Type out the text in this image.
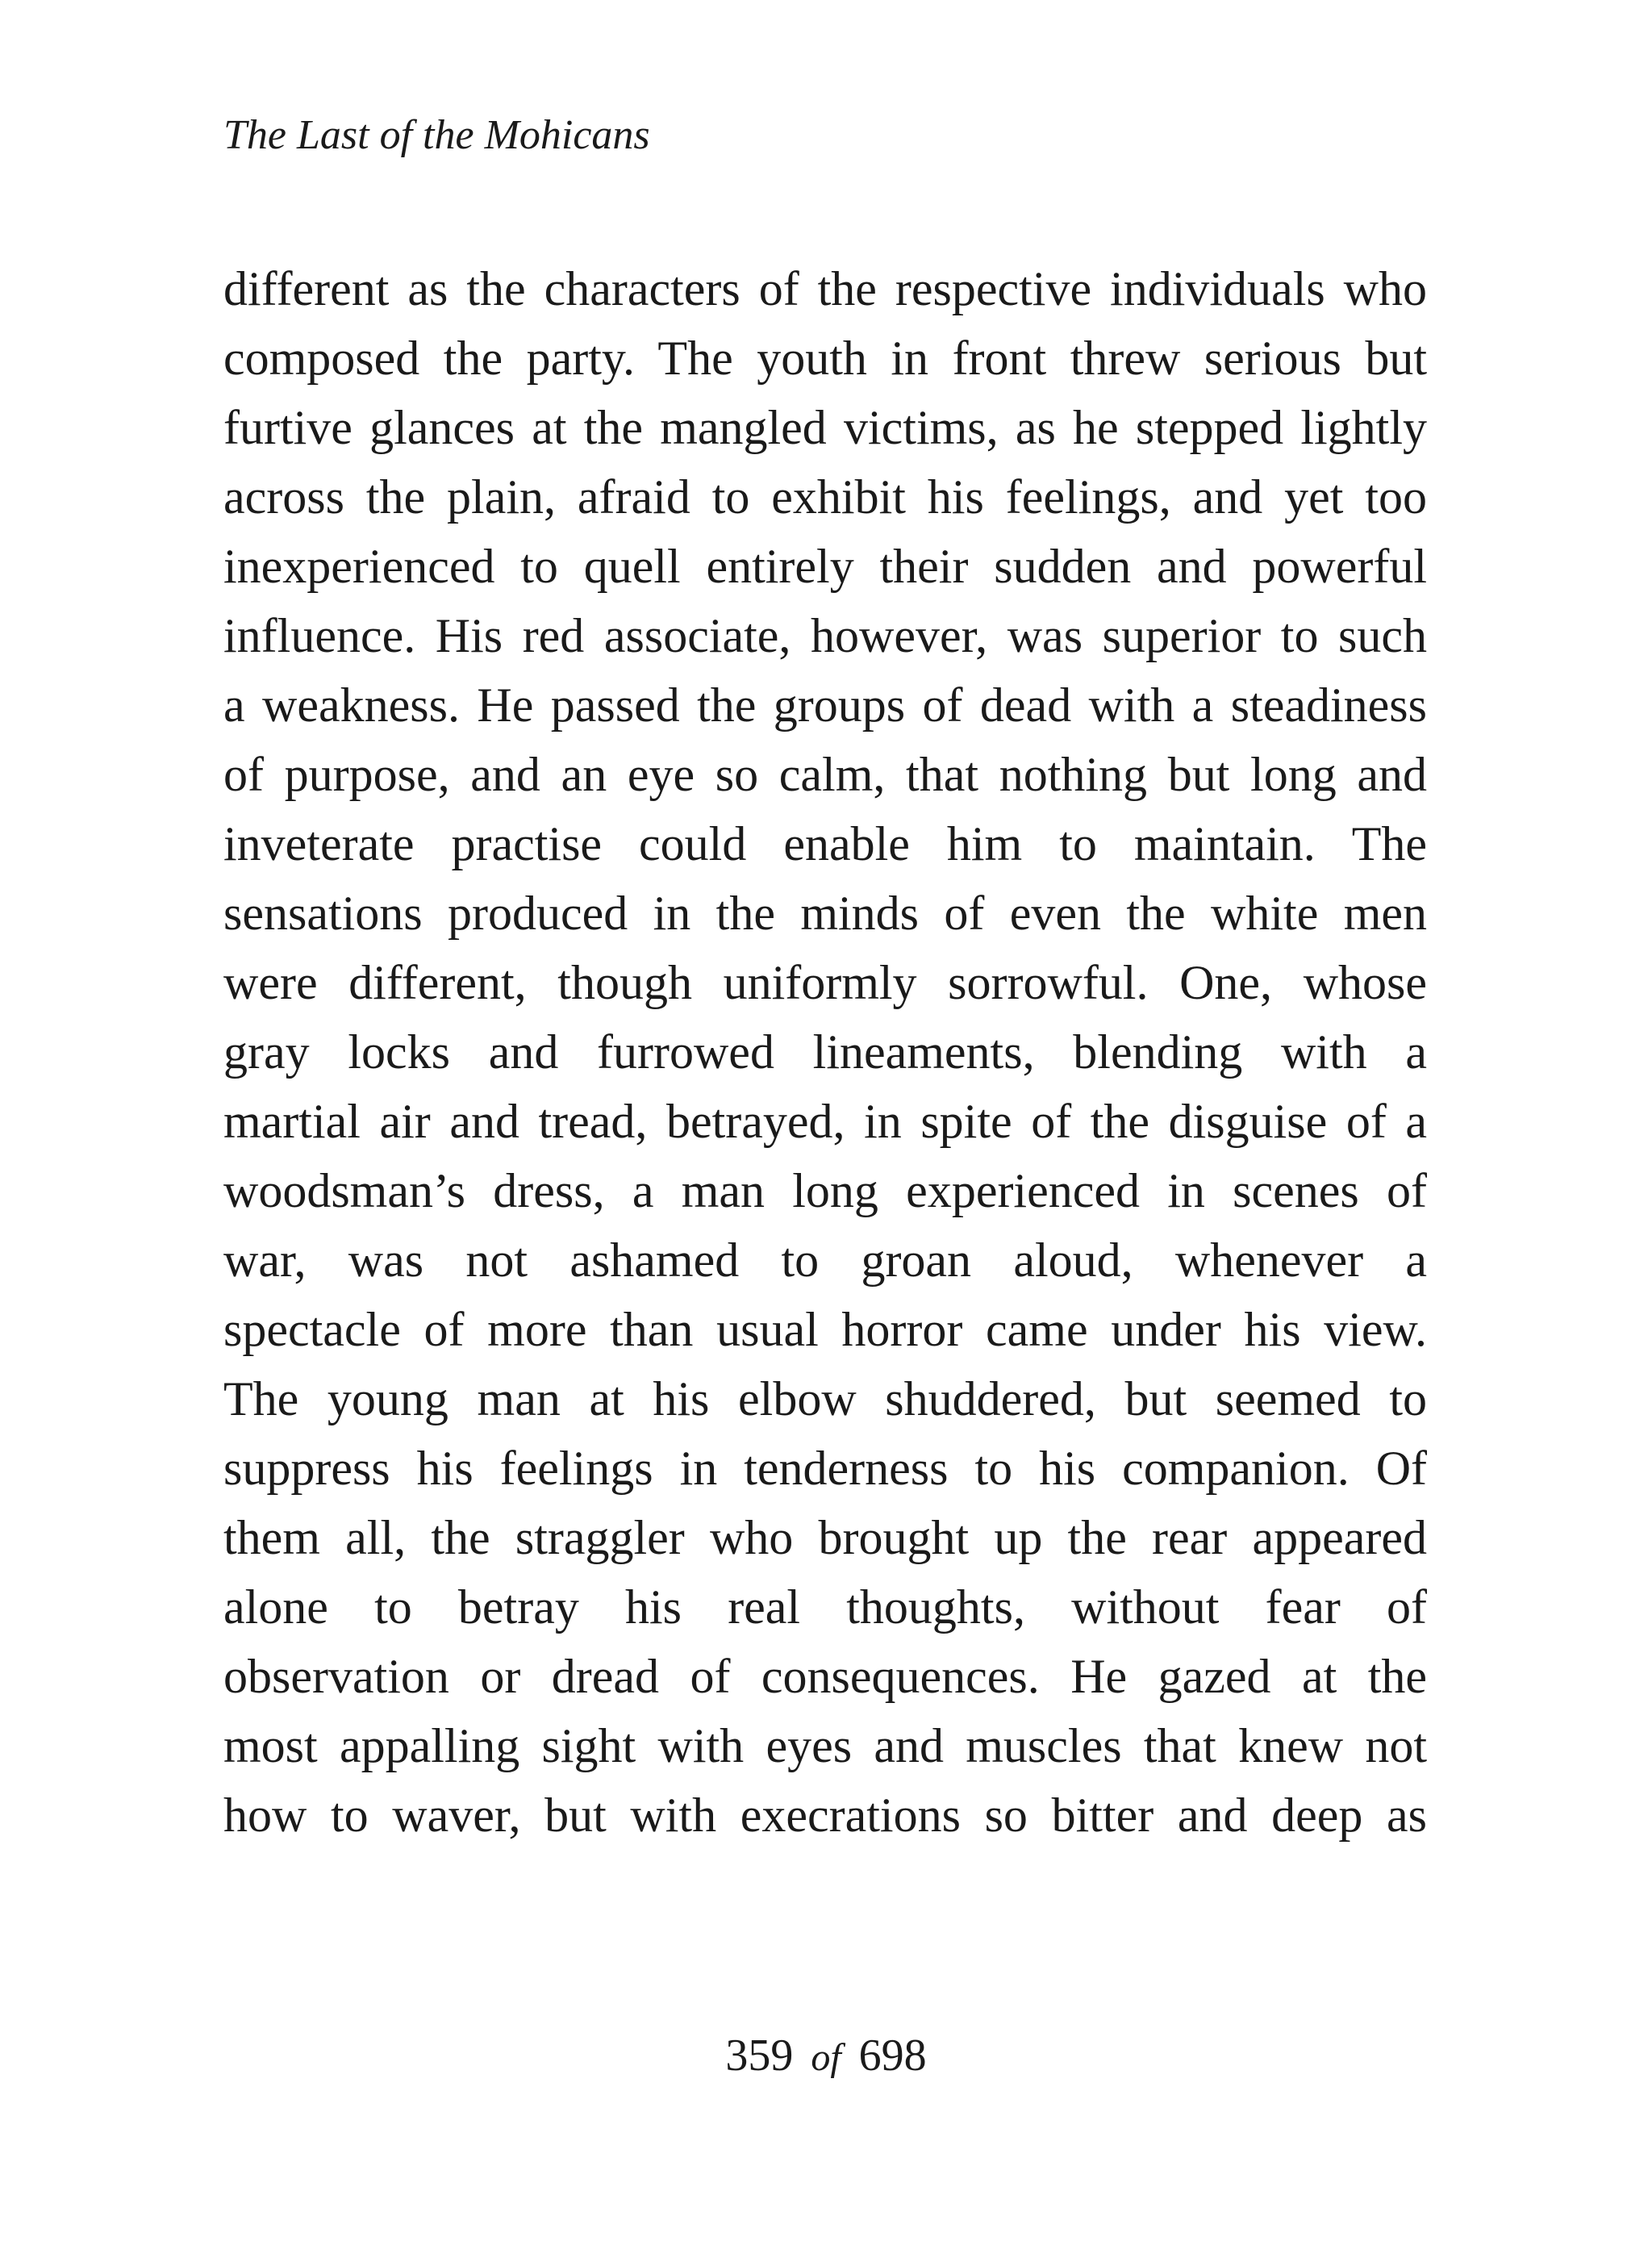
The Last of the Mohicans
different as the characters of the respective individuals who
composed the party. The youth in front threw serious but
furtive glances at the mangled victims, as he stepped lightly
across the plain, afraid to exhibit his feelings, and yet too
inexperienced to quell entirely their sudden and powerful
influence. His red associate, however, was superior to such
a weakness. He passed the groups of dead with a steadiness
of purpose, and an eye so calm, that nothing but long and
inveterate practise could enable him to maintain. The
sensations produced in the minds of even the white men
were different, though uniformly sorrowful. One, whose
gray locks and furrowed lineaments, blending with a
martial air and tread, betrayed, in spite of the disguise of a
woodsman’s dress, a man long experienced in scenes of
war, was not ashamed to groan aloud, whenever a
spectacle of more than usual horror came under his view.
The young man at his elbow shuddered, but seemed to
suppress his feelings in tenderness to his companion. Of
them all, the straggler who brought up the rear appeared
alone to betray his real thoughts, without fear of
observation or dread of consequences. He gazed at the
most appalling sight with eyes and muscles that knew not
how to waver, but with execrations so bitter and deep as
359 of 698
